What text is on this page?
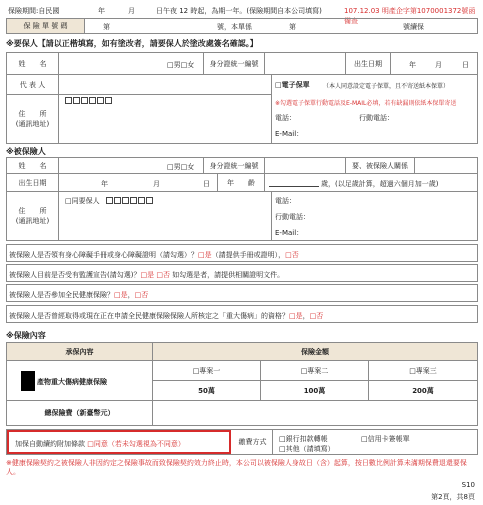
保險期間:自民國	年	月	日午夜 12 時起，為期一年。(保險期間自本公司填寫)	107.12.03 明產企字第1070001372號函備查
保 險 單 號 碼	第	號，本單係	第	號續保
※要保人【請以正楷填寫，如有塗改者，請要保人於塗改處簽名確認。】
姓　　名	□男 □女	身分證統一編號	出生日期	年	月	日
代 表 人	□電子保單 （本人同意設定電子保單，且不寄送紙本保單）
※勾選電子保單行動電話及E-MAIL必填，若有缺漏則依紙本保單寄送
住　　所
(通訊地址)
電話：	行動電話：
E-Mail：
※被保險人
姓　　名	□男□女	身分證統一編號	要、被保險人關係
出生日期	年	月	日	年　　齡	歲，(以足歲計算，超過六個月加一歲)
住　　所
(通訊地址)
□同要保人	電話：
行動電話：
E-Mail：
被保險人是否領有身心障礙手冊或身心障礙證明（請勾選）？□是（請提供手冊或證明），□否
被保險人目前是否受有監護宣告(請勾選)？□是 □否 如勾選是者，請提供相關證明文件。
被保險人是否參加全民健康保險？□是，□否
被保險人是否曾經取得或現在正在申請全民健康保險保險人所核定之「重大傷病」的資格？□是，□否
※保險內容
承保內容	保險金額
產物重大傷病健康保險
□專案一	□專案二	□專案三
50萬	100萬	200萬
總保險費（新臺幣元）
加保自動續約附加條款 □同意（若未勾選視為不同意）	繳費方式	□銀行扣款轉帳	□信用卡簽帳單
□其他（請填寫）
※健康保險契約之被保險人非因約定之保險事故而致保險契約效力終止時，本公司以被保險人身故日（含）起算，按日數比例計算未滿期保費退還要保人。
S10
第2頁，共8頁
